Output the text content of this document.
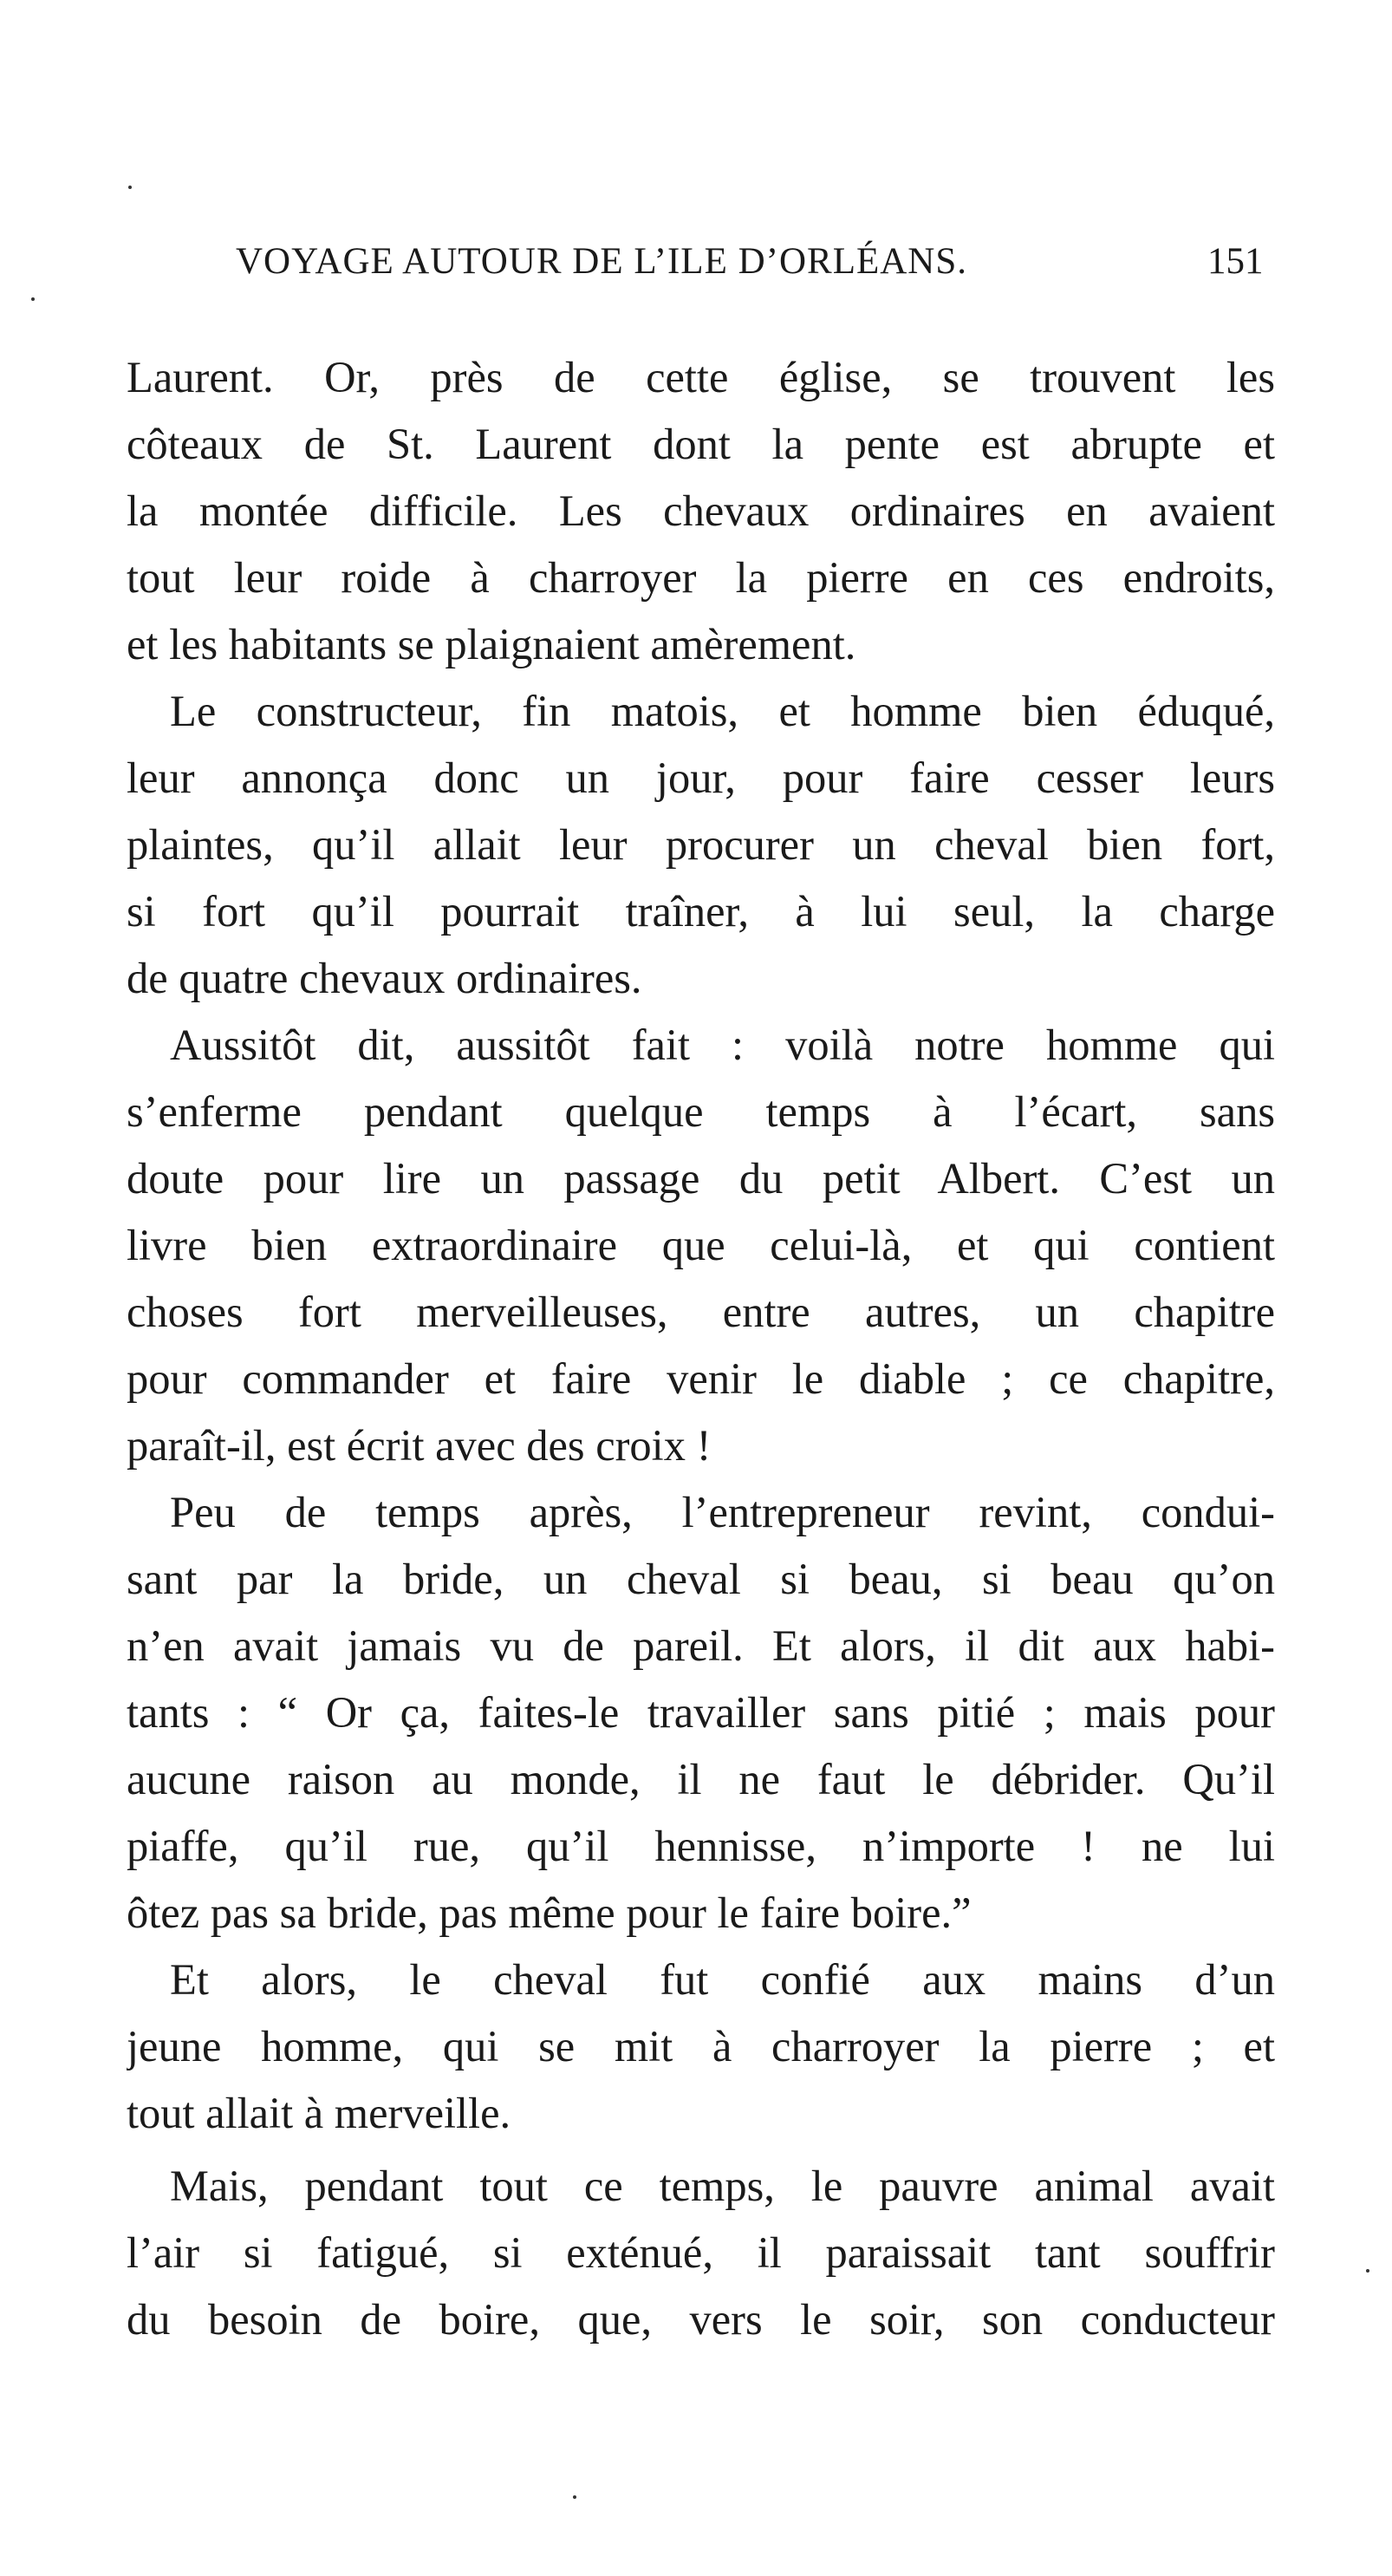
VOYAGE AUTOUR DE L’ILE D’ORLÉANS.	151
Laurent. Or, près de cette église, se trouvent les
côteaux de St. Laurent dont la pente est abrupte et
la montée difficile. Les chevaux ordinaires en avaient
tout leur roide à charroyer la pierre en ces endroits,
et les habitants se plaignaient amèrement.
Le constructeur, fin matois, et homme bien éduqué,
leur annonça donc un jour, pour faire cesser leurs
plaintes, qu’il allait leur procurer un cheval bien fort,
si fort qu’il pourrait traîner, à lui seul, la charge
de quatre chevaux ordinaires.
Aussitôt dit, aussitôt fait : voilà notre homme qui
s’enferme pendant quelque temps à l’écart, sans
doute pour lire un passage du petit Albert. C’est un
livre bien extraordinaire que celui-là, et qui contient
choses fort merveilleuses, entre autres, un chapitre
pour commander et faire venir le diable ; ce chapitre,
paraît-il, est écrit avec des croix !
Peu de temps après, l’entrepreneur revint, condui-
sant par la bride, un cheval si beau, si beau qu’on
n’en avait jamais vu de pareil. Et alors, il dit aux habi-
tants : “ Or ça, faites-le travailler sans pitié ; mais pour
aucune raison au monde, il ne faut le débrider. Qu’il
piaffe, qu’il rue, qu’il hennisse, n’importe ! ne lui
ôtez pas sa bride, pas même pour le faire boire.”
Et alors, le cheval fut confié aux mains d’un
jeune homme, qui se mit à charroyer la pierre ; et
tout allait à merveille.
Mais, pendant tout ce temps, le pauvre animal avait
l’air si fatigué, si exténué, il paraissait tant souffrir
du besoin de boire, que, vers le soir, son conducteur
